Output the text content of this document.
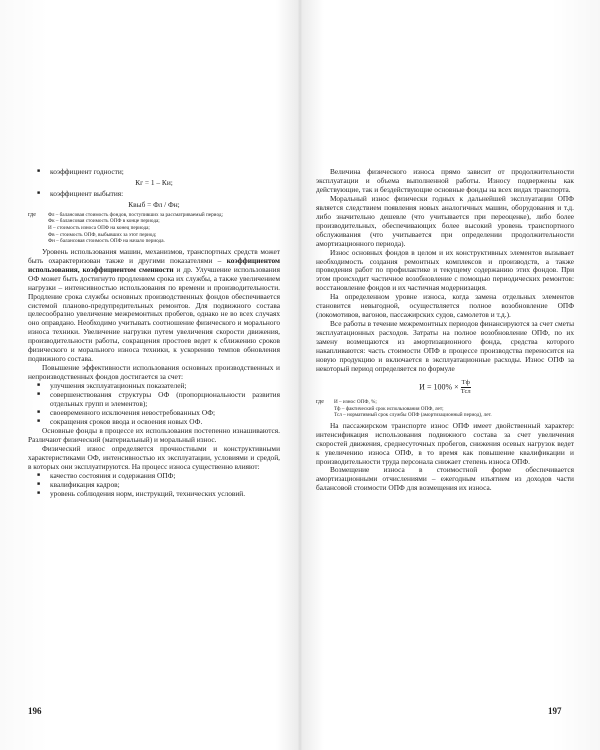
■ коэффициент годности;
Кг = 1 – Ки;
■ коэффициент выбытия:
Квыб = Фл / Фн;
где	Фл – балансовая стоимость фондов, поступивших за рассматриваемый период;
Фк – балансовая стоимость ОПФ в конце периода;
И – стоимость износа ОПФ на конец периода;
Фв – стоимость ОПФ, выбывших за этот период;
Фн – балансовая стоимость ОПФ на начало периода.

Уровень использования машин, механизмов, транспортных средств может быть охарактеризован также и другими показателями – коэффициентом использования, коэффициентом сменности и др. Улучшение использования ОФ может быть достигнуто продлением срока их службы, а также увеличением нагрузки – интенсивностью использования по времени и производительности. Продление срока службы основных производственных фондов обеспечивается системой планово-предупредительных ремонтов. Для подвижного состава целесообразно увеличение межремонтных пробегов, однако не во всех случаях оно оправдано. Необходимо учитывать соотношение физического и морального износа техники. Увеличение нагрузки путем увеличения скорости движения, производительности работы, сокращения простоев ведет к сближению сроков физического и морального износа техники, к ускорению темпов обновления подвижного состава.

Повышение эффективности использования основных производственных и непроизводственных фондов достигается за счет:

■ улучшения эксплуатационных показателей;
■ совершенствования структуры ОФ (пропорциональности развития отдельных групп и элементов);
■ своевременного исключения невостребованных ОФ;
■ сокращения сроков ввода и освоения новых ОФ.

Основные фонды в процессе их использования постепенно изнашиваются. Различают физический (материальный) и моральный износ.

Физический износ определяется прочностными и конструктивными характеристиками ОФ, интенсивностью их эксплуатации, условиями и средой, в которых они эксплуатируются. На процесс износа существенно влияют:

■ качество состояния и содержания ОПФ;
■ квалификация кадров;
■ уровень соблюдения норм, инструкций, технических условий.

Величина физического износа прямо зависит от продолжительности эксплуатации и объема выполненной работы. Износу подвержены как действующие, так и бездействующие основные фонды на всех видах транспорта.

Моральный износ физически годных к дальнейшей эксплуатации ОПФ является следствием появления новых аналогичных машин, оборудования и т.д. либо значительно дешевле (что учитывается при переоценке), либо более производительных, обеспечивающих более высокий уровень транспортного обслуживания (что учитывается при определении продолжительности амортизационного периода).

Износ основных фондов в целом и их конструктивных элементов вызывает необходимость создания ремонтных комплексов и производств, а также проведения работ по профилактике и текущему содержанию этих фондов. При этом происходит частичное возобновление с помощью периодических ремонтов: восстановление фондов и их частичная модернизация.

На определенном уровне износа, когда замена отдельных элементов становится невыгодной, осуществляется полное возобновление ОПФ (локомотивов, вагонов, пассажирских судов, самолетов и т.д.).

Все работы в течение межремонтных периодов финансируются за счет сметы эксплуатационных расходов. Затраты на полное возобновление ОПФ, по их заменy возмещаются из амортизационного фонда, средства которого накапливаются: часть стоимости ОПФ в процессе производства переносится на новую продукцию и включается в эксплуатационные расходы. Износ ОПФ за некоторый период определяется по формуле

$И = 100\% \times \frac{Тф}{\text{Тсл}}$
где	И – износ ОПФ, %;
Тф – фактический срок использования ОПФ, лет;
Тсл – нормативный срок службы ОПФ (амортизационный период), лет.

На пассажирском транспорте износ ОПФ имеет двойственный характер: интенсификация использования подвижного состава за счет увеличения скоростей движения, среднесуточных пробегов, снижения осевых нагрузок ведет к увеличению износа ОПФ, в то время как повышение квалификации и производительности труда персонала снижает степень износа ОПФ.

Возмещение износа в стоимостной форме обеспечивается амортизационными отчислениями – ежегодным изъятием из доходов части балансовой стоимости ОПФ для возмещения их износа.

196	197
